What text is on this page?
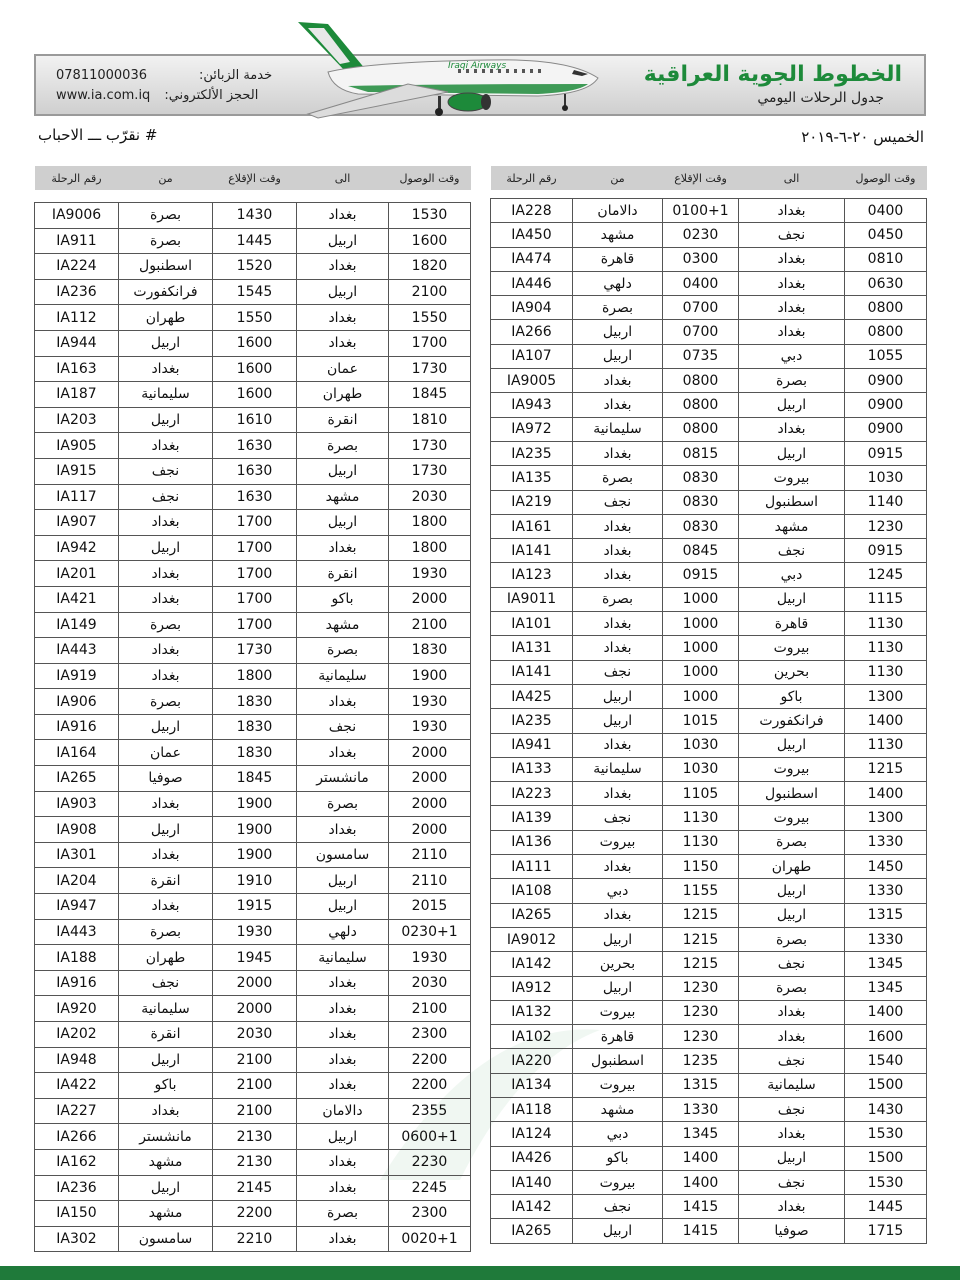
07811000036	خدمة الزبائن:
www.ia.com.iq الحجز الألكتروني:
الخطوط الجوية العراقية
جدول الرحلات اليومي
Iraqi Airways
الخميس ٢٠-٦-٢٠١٩
# نقرّب ـــ الاحباب
وقت الوصول	الى	وقت الإقلاع	من	رقم الرحلة

0400	بغداد	0100+1	دالامان	IA228
0450	نجف	0230	مشهد	IA450
0810	بغداد	0300	قاهرة	IA474
0630	بغداد	0400	دلهي	IA446
0800	بغداد	0700	بصرة	IA904
0800	بغداد	0700	اربيل	IA266
1055	دبي	0735	اربيل	IA107
0900	بصرة	0800	بغداد	IA9005
0900	اربيل	0800	بغداد	IA943
0900	بغداد	0800	سليمانية	IA972
0915	اربيل	0815	بغداد	IA235
1030	بيروت	0830	بصرة	IA135
1140	اسطنبول	0830	نجف	IA219
1230	مشهد	0830	بغداد	IA161
0915	نجف	0845	بغداد	IA141
1245	دبي	0915	بغداد	IA123
1115	اربيل	1000	بصرة	IA9011
1130	قاهرة	1000	بغداد	IA101
1130	بيروت	1000	بغداد	IA131
1130	بحرين	1000	نجف	IA141
1300	باكو	1000	اربيل	IA425
1400	فرانكفورت	1015	اربيل	IA235
1130	اربيل	1030	بغداد	IA941
1215	بيروت	1030	سليمانية	IA133
1400	اسطنبول	1105	بغداد	IA223
1300	بيروت	1130	نجف	IA139
1330	بصرة	1130	بيروت	IA136
1450	طهران	1150	بغداد	IA111
1330	اربيل	1155	دبي	IA108
1315	اربيل	1215	بغداد	IA265
1330	بصرة	1215	اربيل	IA9012
1345	نجف	1215	بحرين	IA142
1345	بصرة	1230	اربيل	IA912
1400	بغداد	1230	بيروت	IA132
1600	بغداد	1230	قاهرة	IA102
1540	نجف	1235	اسطنبول	IA220
1500	سليمانية	1315	بيروت	IA134
1430	نجف	1330	مشهد	IA118
1530	بغداد	1345	دبي	IA124
1500	اربيل	1400	باكو	IA426
1530	نجف	1400	بيروت	IA140
1445	بغداد	1415	نجف	IA142
1715	صوفيا	1415	اربيل	IA265
وقت الوصول	الى	وقت الإقلاع	من	رقم الرحلة

1530	بغداد	1430	بصرة	IA9006
1600	اربيل	1445	بصرة	IA911
1820	بغداد	1520	اسطنبول	IA224
2100	اربيل	1545	فرانكفورت	IA236
1550	بغداد	1550	طهران	IA112
1700	بغداد	1600	اربيل	IA944
1730	عمان	1600	بغداد	IA163
1845	طهران	1600	سليمانية	IA187
1810	انقرة	1610	اربيل	IA203
1730	بصرة	1630	بغداد	IA905
1730	اربيل	1630	نجف	IA915
2030	مشهد	1630	نجف	IA117
1800	اربيل	1700	بغداد	IA907
1800	بغداد	1700	اربيل	IA942
1930	انقرة	1700	بغداد	IA201
2000	باكو	1700	بغداد	IA421
2100	مشهد	1700	بصرة	IA149
1830	بصرة	1730	بغداد	IA443
1900	سليمانية	1800	بغداد	IA919
1930	بغداد	1830	بصرة	IA906
1930	نجف	1830	اربيل	IA916
2000	بغداد	1830	عمان	IA164
2000	مانشستر	1845	صوفيا	IA265
2000	بصرة	1900	بغداد	IA903
2000	بغداد	1900	اربيل	IA908
2110	سامسون	1900	بغداد	IA301
2110	اربيل	1910	انقرة	IA204
2015	اربيل	1915	بغداد	IA947
0230+1	دلهي	1930	بصرة	IA443
1930	سليمانية	1945	طهران	IA188
2030	بغداد	2000	نجف	IA916
2100	بغداد	2000	سليمانية	IA920
2300	بغداد	2030	انقرة	IA202
2200	بغداد	2100	اربيل	IA948
2200	بغداد	2100	باكو	IA422
2355	دالامان	2100	بغداد	IA227
0600+1	اربيل	2130	مانشستر	IA266
2230	بغداد	2130	مشهد	IA162
2245	بغداد	2145	اربيل	IA236
2300	بصرة	2200	مشهد	IA150
0020+1	بغداد	2210	سامسون	IA302
